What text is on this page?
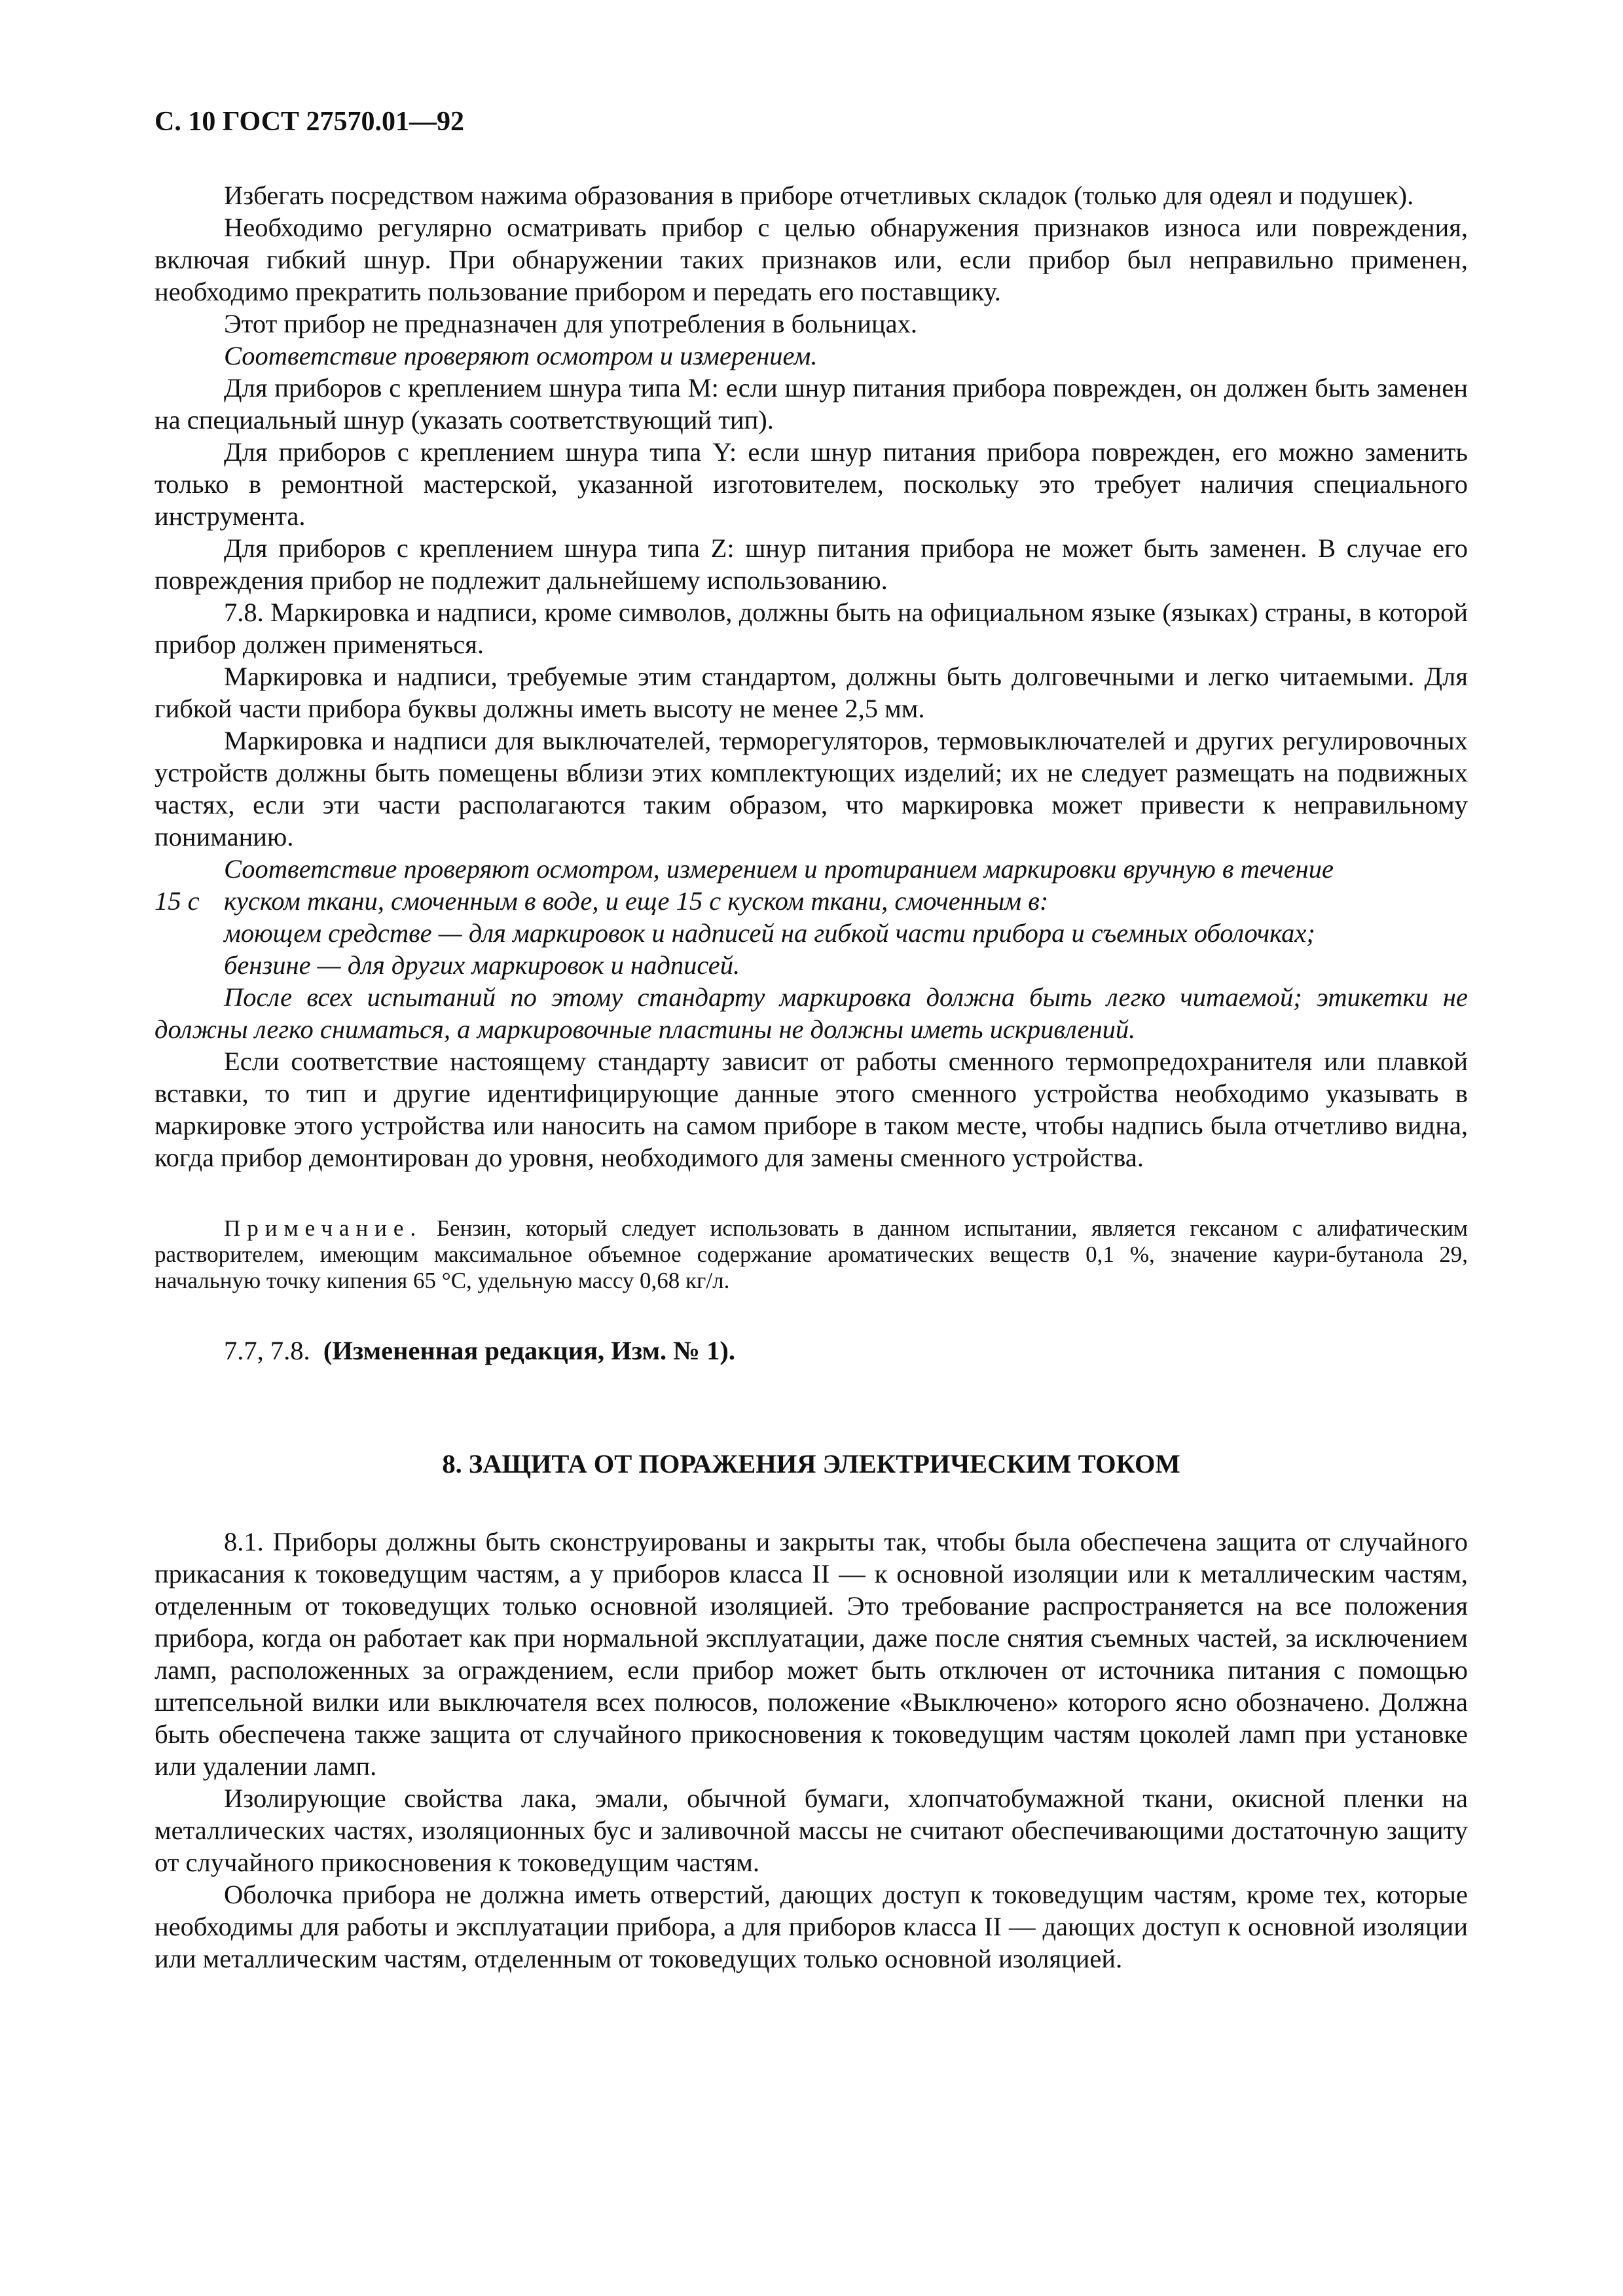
С. 10 ГОСТ 27570.01—92

Избегать посредством нажима образования в приборе отчетливых складок (только для одеял и подушек).

Необходимо регулярно осматривать прибор с целью обнаружения признаков износа или повреждения, включая гибкий шнур. При обнаружении таких признаков или, если прибор был неправильно применен, необходимо прекратить пользование прибором и передать его поставщику.

Этот прибор не предназначен для употребления в больницах.

Соответствие проверяют осмотром и измерением.

Для приборов с креплением шнура типа М: если шнур питания прибора поврежден, он должен быть заменен на специальный шнур (указать соответствующий тип).

Для приборов с креплением шнура типа Y: если шнур питания прибора поврежден, его можно заменить только в ремонтной мастерской, указанной изготовителем, поскольку это требует наличия специального инструмента.

Для приборов с креплением шнура типа Z: шнур питания прибора не может быть заменен. В случае его повреждения прибор не подлежит дальнейшему использованию.

7.8. Маркировка и надписи, кроме символов, должны быть на официальном языке (языках) страны, в которой прибор должен применяться.

Маркировка и надписи, требуемые этим стандартом, должны быть долговечными и легко читаемыми. Для гибкой части прибора буквы должны иметь высоту не менее 2,5 мм.

Маркировка и надписи для выключателей, терморегуляторов, термовыключателей и других регулировочных устройств должны быть помещены вблизи этих комплектующих изделий; их не следует размещать на подвижных частях, если эти части располагаются таким образом, что маркировка может привести к неправильному пониманию.

Соответствие проверяют осмотром, измерением и протиранием маркировки вручную в течение

15 с куском ткани, смоченным в воде, и еще 15 с куском ткани, смоченным в:

моющем средстве — для маркировок и надписей на гибкой части прибора и съемных оболочках;

бензине — для других маркировок и надписей.

После всех испытаний по этому стандарту маркировка должна быть легко читаемой; этикетки не должны легко сниматься, а маркировочные пластины не должны иметь искривлений.

Если соответствие настоящему стандарту зависит от работы сменного термопредохранителя или плавкой вставки, то тип и другие идентифицирующие данные этого сменного устройства необходимо указывать в маркировке этого устройства или наносить на самом приборе в таком месте, чтобы надпись была отчетливо видна, когда прибор демонтирован до уровня, необходимого для замены сменного устройства.

Примечание. Бензин, который следует использовать в данном испытании, является гексаном с алифатическим растворителем, имеющим максимальное объемное содержание ароматических веществ 0,1 %, значение каури-бутанола 29, начальную точку кипения 65 °С, удельную массу 0,68 кг/л.

7.7, 7.8. (Измененная редакция, Изм. № 1).

8. ЗАЩИТА ОТ ПОРАЖЕНИЯ ЭЛЕКТРИЧЕСКИМ ТОКОМ

8.1. Приборы должны быть сконструированы и закрыты так, чтобы была обеспечена защита от случайного прикасания к токоведущим частям, а у приборов класса II — к основной изоляции или к металлическим частям, отделенным от токоведущих только основной изоляцией. Это требование распространяется на все положения прибора, когда он работает как при нормальной эксплуатации, даже после снятия съемных частей, за исключением ламп, расположенных за ограждением, если прибор может быть отключен от источника питания с помощью штепсельной вилки или выключателя всех полюсов, положение «Выключено» которого ясно обозначено. Должна быть обеспечена также защита от случайного прикосновения к токоведущим частям цоколей ламп при установке или удалении ламп.

Изолирующие свойства лака, эмали, обычной бумаги, хлопчатобумажной ткани, окисной пленки на металлических частях, изоляционных бус и заливочной массы не считают обеспечивающими достаточную защиту от случайного прикосновения к токоведущим частям.

Оболочка прибора не должна иметь отверстий, дающих доступ к токоведущим частям, кроме тех, которые необходимы для работы и эксплуатации прибора, а для приборов класса II — дающих доступ к основной изоляции или металлическим частям, отделенным от токоведущих только основной изоляцией.
